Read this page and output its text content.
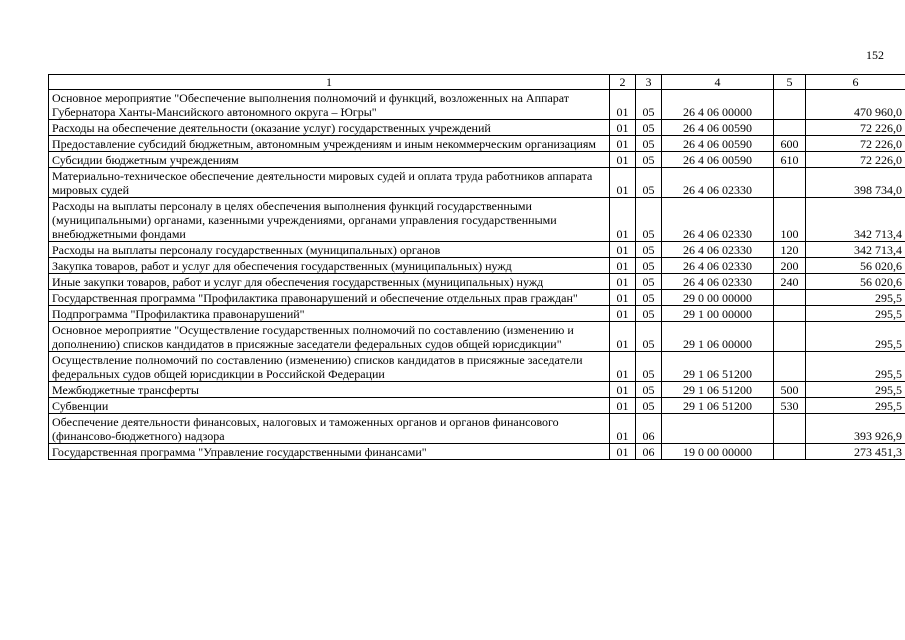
152
1	2	3	4	5	6
Основное мероприятие "Обеспечение выполнения полномочий и функций, возложенных на Аппарат Губернатора Ханты-Мансийского автономного округа – Югры"	01	05	26 4 06 00000		470 960,0
Расходы на обеспечение деятельности (оказание услуг) государственных учреждений	01	05	26 4 06 00590		72 226,0
Предоставление субсидий бюджетным, автономным учреждениям и иным некоммерческим организациям	01	05	26 4 06 00590	600	72 226,0
Субсидии бюджетным учреждениям	01	05	26 4 06 00590	610	72 226,0
Материально-техническое обеспечение деятельности мировых судей и оплата труда работников аппарата мировых судей	01	05	26 4 06 02330		398 734,0
Расходы на выплаты персоналу в целях обеспечения выполнения функций государственными (муниципальными) органами, казенными учреждениями, органами управления государственными внебюджетными фондами	01	05	26 4 06 02330	100	342 713,4
Расходы на выплаты персоналу государственных (муниципальных) органов	01	05	26 4 06 02330	120	342 713,4
Закупка товаров, работ и услуг для обеспечения государственных (муниципальных) нужд	01	05	26 4 06 02330	200	56 020,6
Иные закупки товаров, работ и услуг для обеспечения государственных (муниципальных) нужд	01	05	26 4 06 02330	240	56 020,6
Государственная программа "Профилактика правонарушений и обеспечение отдельных прав граждан"	01	05	29 0 00 00000		295,5
Подпрограмма "Профилактика правонарушений"	01	05	29 1 00 00000		295,5
Основное мероприятие "Осуществление государственных полномочий по составлению (изменению и дополнению) списков кандидатов в присяжные заседатели федеральных судов общей юрисдикции"	01	05	29 1 06 00000		295,5
Осуществление полномочий по составлению (изменению) списков кандидатов в присяжные заседатели федеральных судов общей юрисдикции в Российской Федерации	01	05	29 1 06 51200		295,5
Межбюджетные трансферты	01	05	29 1 06 51200	500	295,5
Субвенции	01	05	29 1 06 51200	530	295,5
Обеспечение деятельности финансовых, налоговых и таможенных органов и органов финансового (финансово-бюджетного) надзора	01	06			393 926,9
Государственная программа "Управление государственными финансами"	01	06	19 0 00 00000		273 451,3
